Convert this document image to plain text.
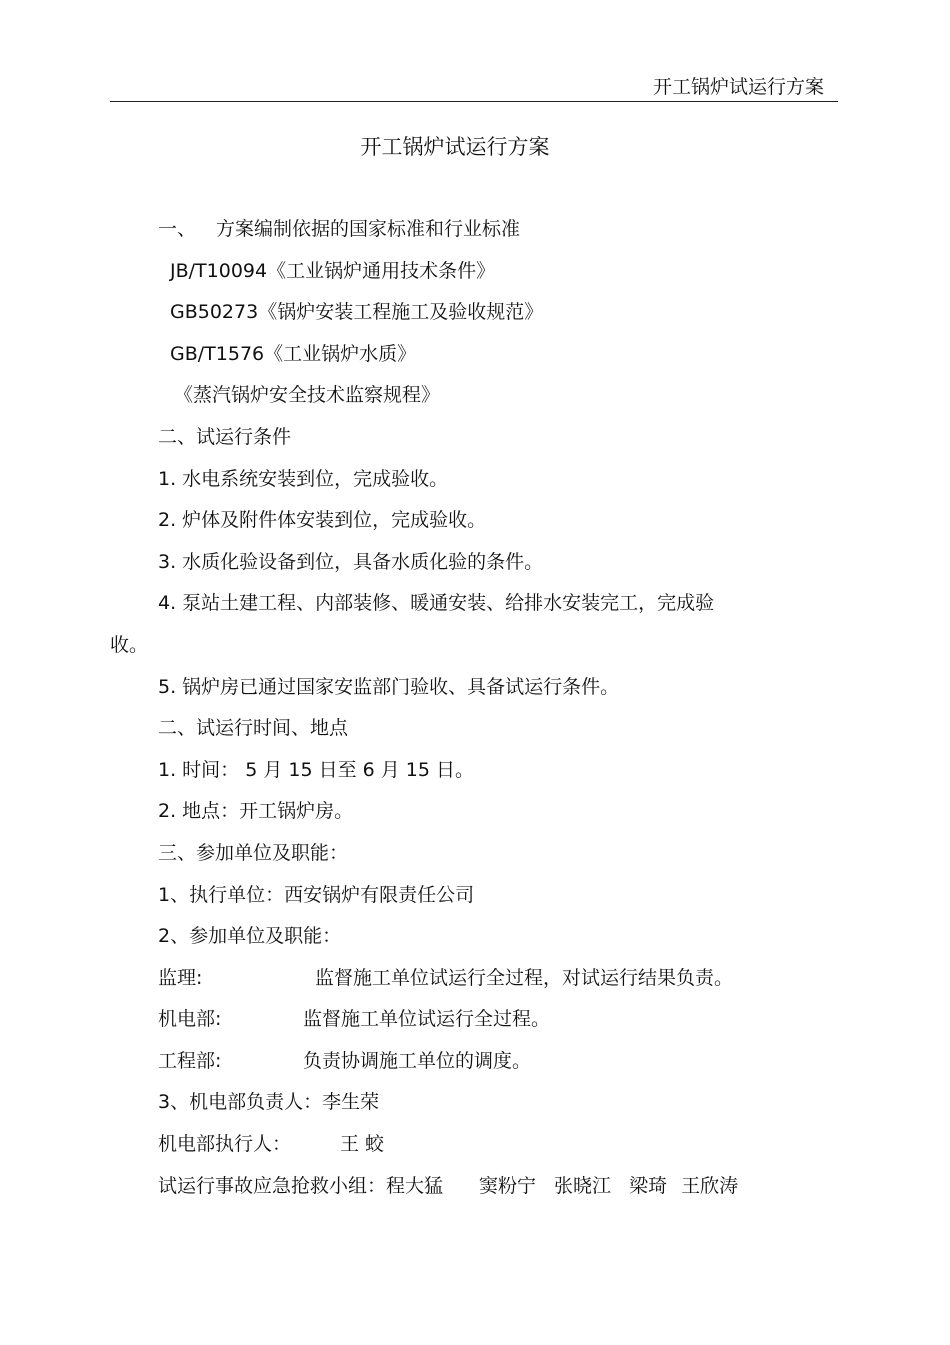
开工锅炉试运行方案
开工锅炉试运行方案
一、 方案编制依据的国家标准和行业标准
JB/T10094《工业锅炉通用技术条件》
GB50273《锅炉安装工程施工及验收规范》
GB/T1576《工业锅炉水质》
《蒸汽锅炉安全技术监察规程》
二、试运行条件
1. 水电系统安装到位，完成验收。
2. 炉体及附件体安装到位，完成验收。
3. 水质化验设备到位，具备水质化验的条件。
4. 泵站土建工程、内部装修、暖通安装、给排水安装完工，完成验
收。
5. 锅炉房已通过国家安监部门验收、具备试运行条件。
二、试运行时间、地点
1. 时间： 5 月 15 日至 6 月 15 日。
2. 地点：开工锅炉房。
三、参加单位及职能：
1、执行单位：西安锅炉有限责任公司
2、参加单位及职能：
监理:	监督施工单位试运行全过程，对试运行结果负责。
机电部:	监督施工单位试运行全过程。
工程部:	负责协调施工单位的调度。
3、机电部负责人：李生荣
机电部执行人：	王 蛟
试运行事故应急抢救小组：程大猛 窦粉宁 张晓江 梁琦 王欣涛
